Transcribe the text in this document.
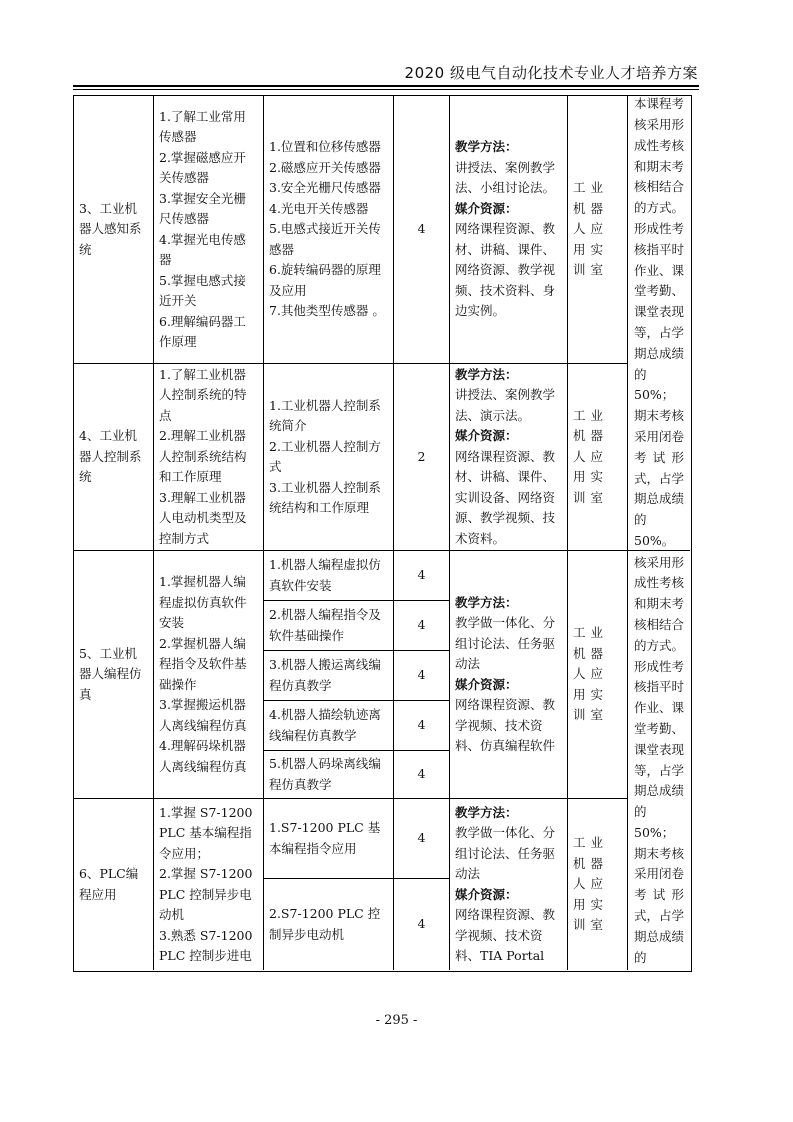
2020 级电气自动化技术专业人才培养方案
3、工业机器人感知系统
1.了解工业常用传感器
2.掌握磁感应开关传感器
3.掌握安全光栅尺传感器
4.掌握光电传感器
5.掌握电感式接近开关
6.理解编码器工作原理
1.位置和位移传感器
2.磁感应开关传感器
3.安全光栅尺传感器
4.光电开关传感器
5.电感式接近开关传感器
6.旋转编码器的原理及应用
7.其他类型传感器 。
4
教学方法：
讲授法、案例教学法、小组讨论法。
媒介资源：
网络课程资源、教材、讲稿、课件、网络资源、教学视频、技术资料、身边实例。
工业机器人应用实训室
4、工业机器人控制系统
1.了解工业机器人控制系统的特点
2.理解工业机器人控制系统结构和工作原理
3.理解工业机器人电动机类型及控制方式
1.工业机器人控制系统简介
2.工业机器人控制方式
3.工业机器人控制系统结构和工作原理
2
教学方法：
讲授法、案例教学法、演示法。
媒介资源：
网络课程资源、教材、讲稿、课件、实训设备、网络资源、教学视频、技术资料。
工业机器人应用实训室
本课程考核采用形成性考核和期末考核相结合的方式。
形成性考核指平时作业、课堂考勤、课堂表现等，占学期总成绩的50%；期末考核采用闭卷考试形式，占学期总成绩的50%。
5、工业机器人编程仿真
1.掌握机器人编程虚拟仿真软件安装
2.掌握机器人编程指令及软件基础操作
3.掌握搬运机器人离线编程仿真
4.理解码垛机器人离线编程仿真
1.机器人编程虚拟仿真软件安装
4
2.机器人编程指令及软件基础操作
4
3.机器人搬运离线编程仿真教学
4
4.机器人描绘轨迹离线编程仿真教学
4
5.机器人码垛离线编程仿真教学
4
教学方法：
教学做一体化、分组讨论法、任务驱动法
媒介资源：
网络课程资源、教学视频、技术资料、仿真编程软件
工业机器人应用实训室
6、PLC编程应用
1.掌握 S7-1200 PLC 基本编程指令应用；
2.掌握 S7-1200 PLC 控制异步电动机
3.熟悉 S7-1200 PLC 控制步进电
1.S7-1200 PLC 基本编程指令应用
4
2.S7-1200 PLC 控制异步电动机
4
教学方法：
教学做一体化、分组讨论法、任务驱动法
媒介资源：
网络课程资源、教学视频、技术资料、TIA Portal
工业机器人应用实训室
核采用形成性考核和期末考核相结合的方式。
形成性考核指平时作业、课堂考勤、课堂表现等，占学期总成绩的50%；期末考核采用闭卷考试形式，占学期总成绩的
- 295 -
